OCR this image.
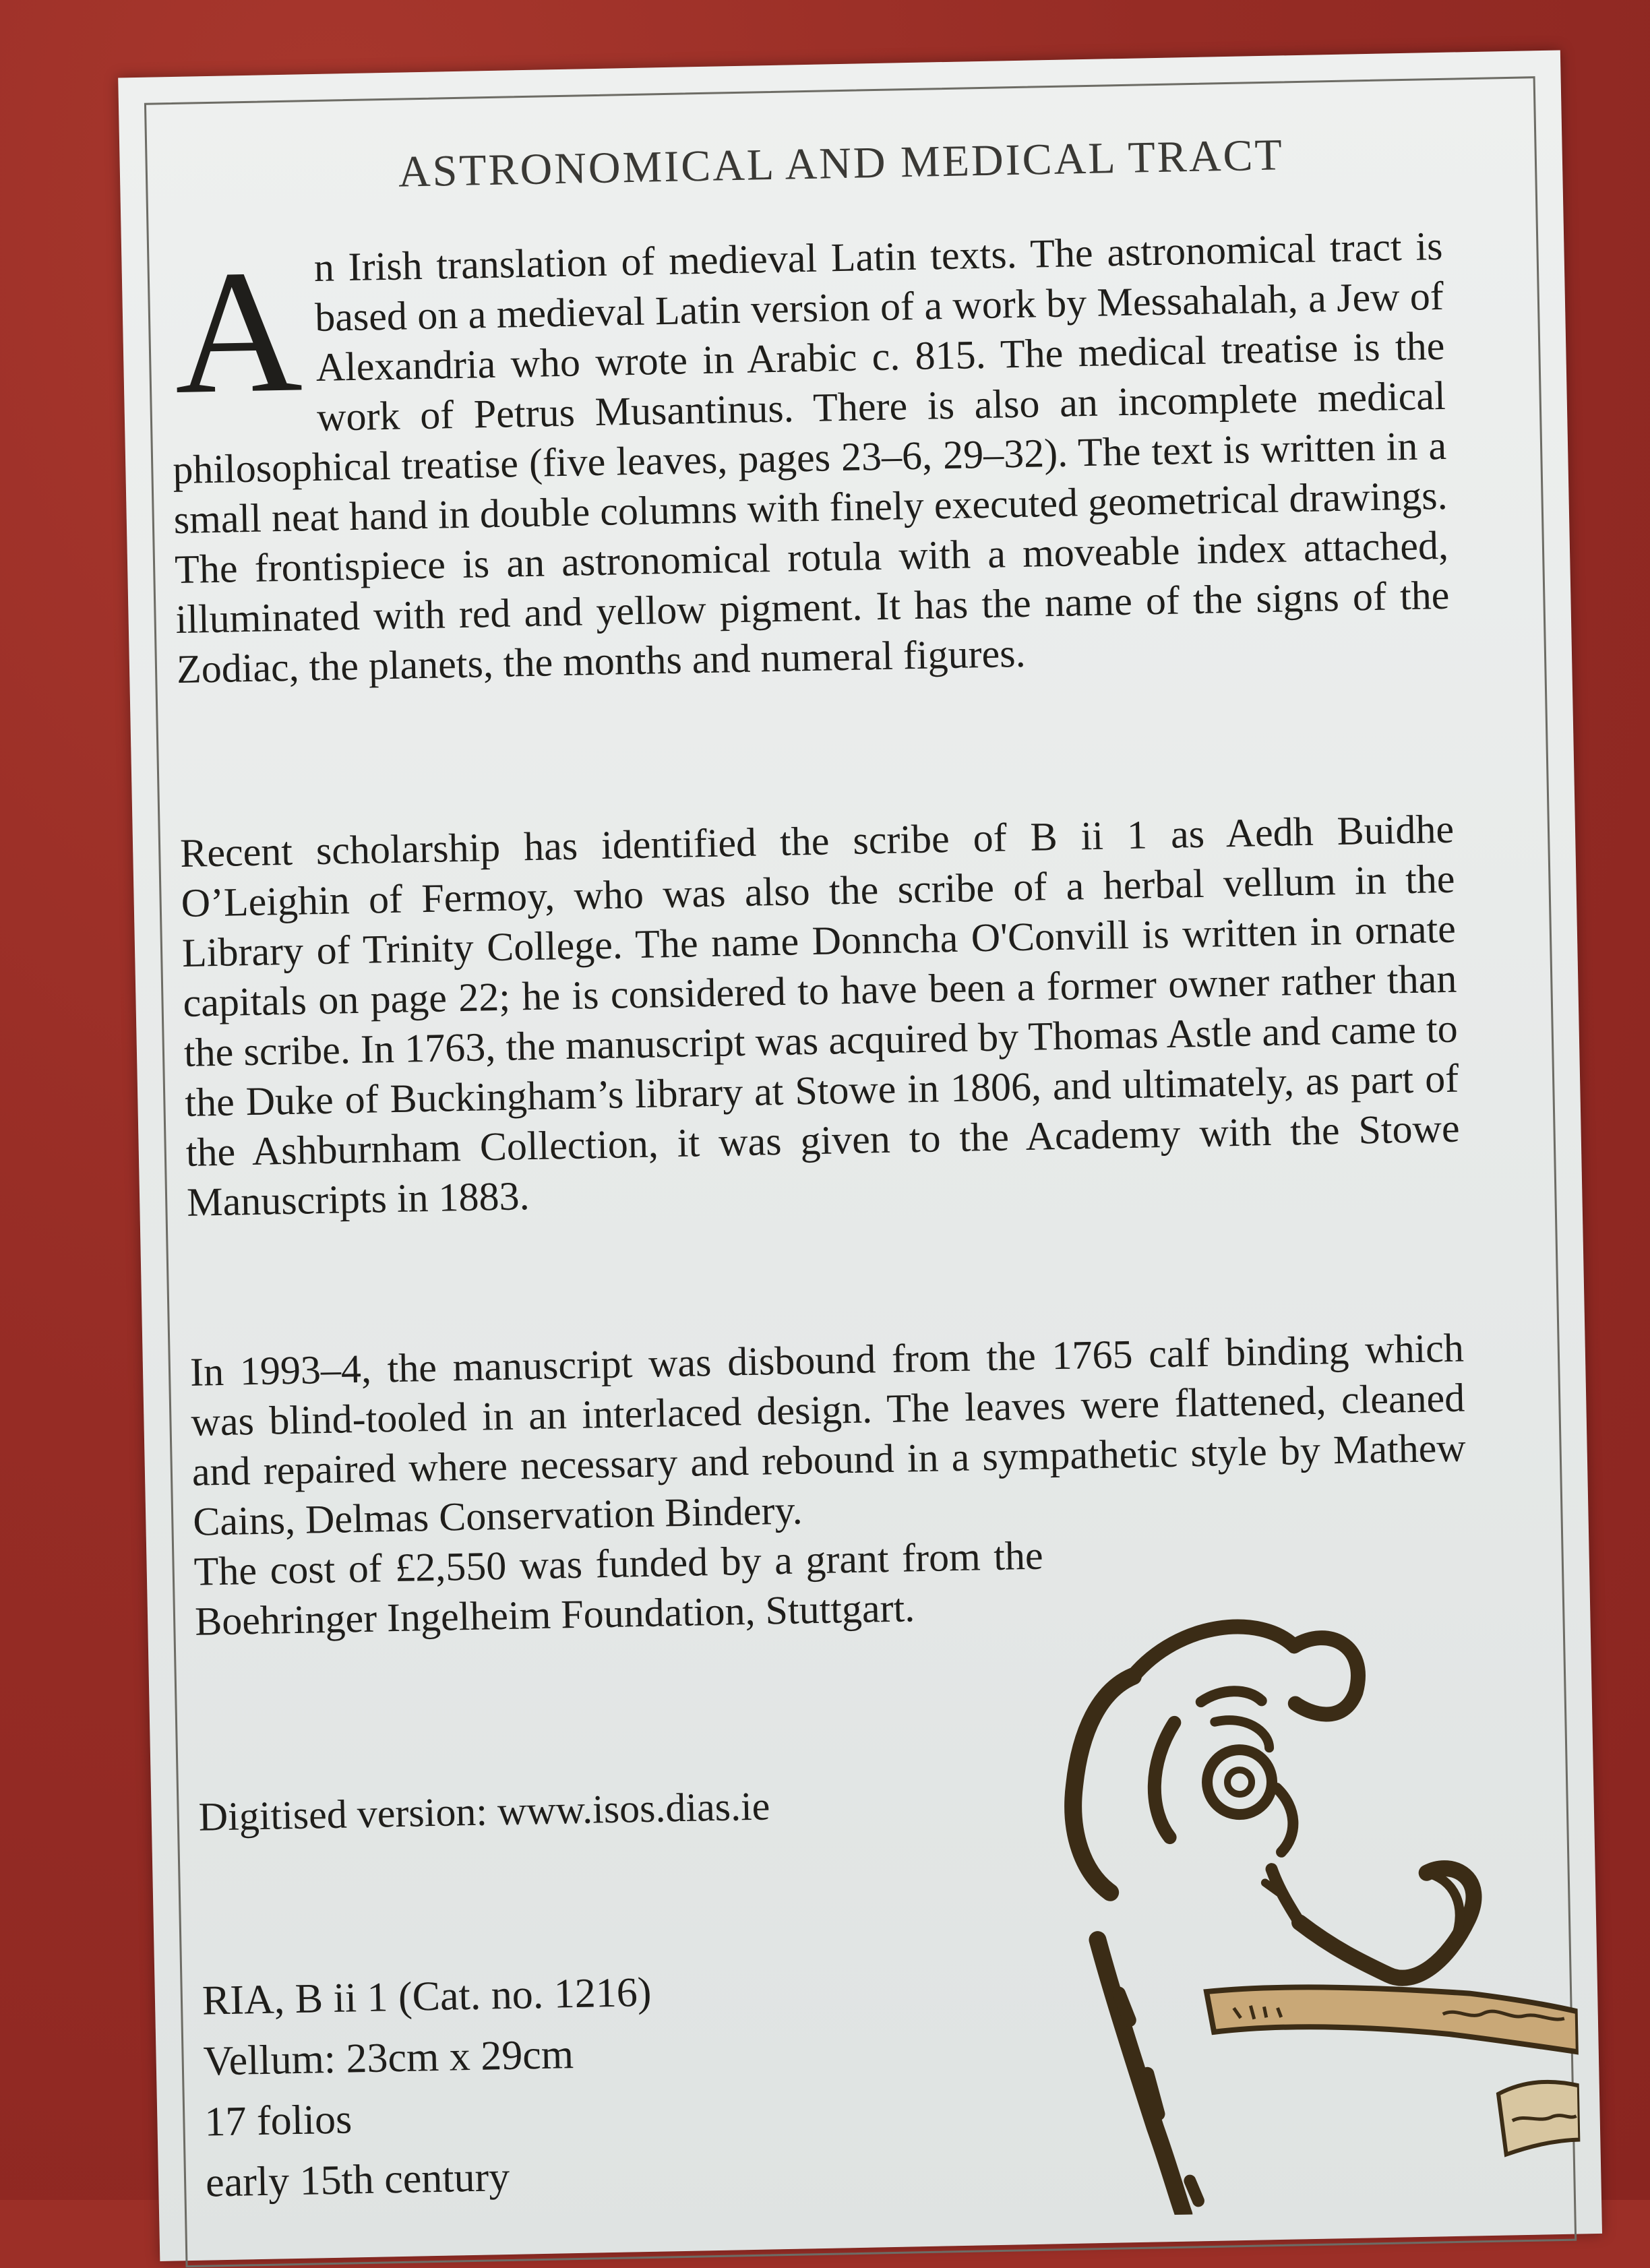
ASTRONOMICAL AND MEDICAL TRACT

An Irish translation of medieval Latin texts. The astronomical tract is based on a medieval Latin version of a work by Messahalah, a Jew of Alexandria who wrote in Arabic c. 815. The medical treatise is the work of Petrus Musantinus. There is also an incomplete medical philosophical treatise (five leaves, pages 23–6, 29–32). The text is written in a small neat hand in double columns with finely executed geometrical drawings. The frontispiece is an astronomical rotula with a moveable index attached, illuminated with red and yellow pigment. It has the name of the signs of the Zodiac, the planets, the months and numeral figures.

Recent scholarship has identified the scribe of B ii 1 as Aedh Buidhe O’Leighin of Fermoy, who was also the scribe of a herbal vellum in the Library of Trinity College. The name Donncha O'Convill is written in ornate capitals on page 22; he is considered to have been a former owner rather than the scribe. In 1763, the manuscript was acquired by Thomas Astle and came to the Duke of Buckingham’s library at Stowe in 1806, and ultimately, as part of the Ashburnham Collection, it was given to the Academy with the Stowe Manuscripts in 1883.

In 1993–4, the manuscript was disbound from the 1765 calf binding which was blind-tooled in an interlaced design. The leaves were flattened, cleaned and repaired where necessary and rebound in a sympathetic style by Mathew Cains, Delmas Conservation Bindery.
The cost of £2,550 was funded by a grant from the Boehringer Ingelheim Foundation, Stuttgart.

Digitised version: www.isos.dias.ie

RIA, B ii 1 (Cat. no. 1216)
Vellum: 23cm x 29cm
17 folios
early 15th century
